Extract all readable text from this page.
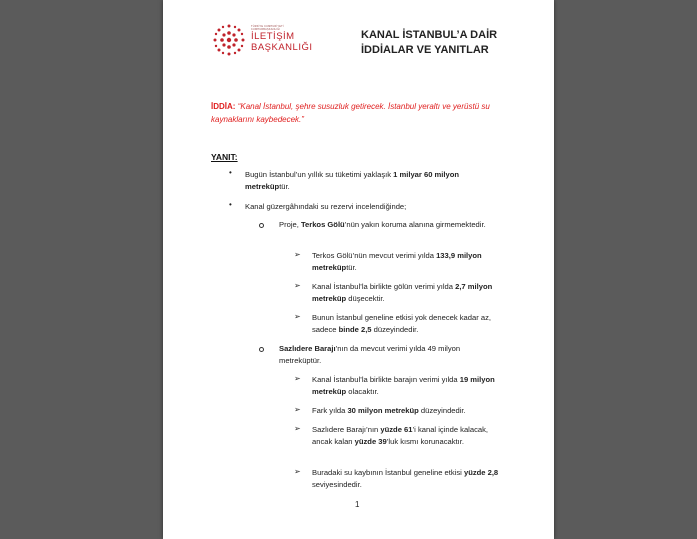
TÜRKİYE CUMHURİYETİ
CUMHURBAŞKANLIĞI
İLETİŞİM
BAŞKANLIĞI
KANAL İSTANBUL’A DAİR
İDDİALAR VE YANITLAR
İDDİA: “Kanal İstanbul, şehre susuzluk getirecek. İstanbul yeraltı ve yerüstü su kaynaklarını kaybedecek.”
YANIT:
• Bugün İstanbul’un yıllık su tüketimi yaklaşık 1 milyar 60 milyon metreküptür.
• Kanal güzergâhındaki su rezervi incelendiğinde;
Proje, Terkos Gölü’nün yakın koruma alanına girmemektedir.
➢ Terkos Gölü’nün mevcut verimi yılda 133,9 milyon metreküptür.
➢ Kanal İstanbul’la birlikte gölün verimi yılda 2,7 milyon metreküp düşecektir.
➢ Bunun İstanbul geneline etkisi yok denecek kadar az, sadece binde 2,5 düzeyindedir.
Sazlıdere Barajı’nın da mevcut verimi yılda 49 milyon metreküptür.
➢ Kanal İstanbul’la birlikte barajın verimi yılda 19 milyon metreküp olacaktır.
➢ Fark yılda 30 milyon metreküp düzeyindedir.
➢ Sazlıdere Barajı’nın yüzde 61’i kanal içinde kalacak, ancak kalan yüzde 39’luk kısmı korunacaktır.
➢ Buradaki su kaybının İstanbul geneline etkisi yüzde 2,8 seviyesindedir.
1
